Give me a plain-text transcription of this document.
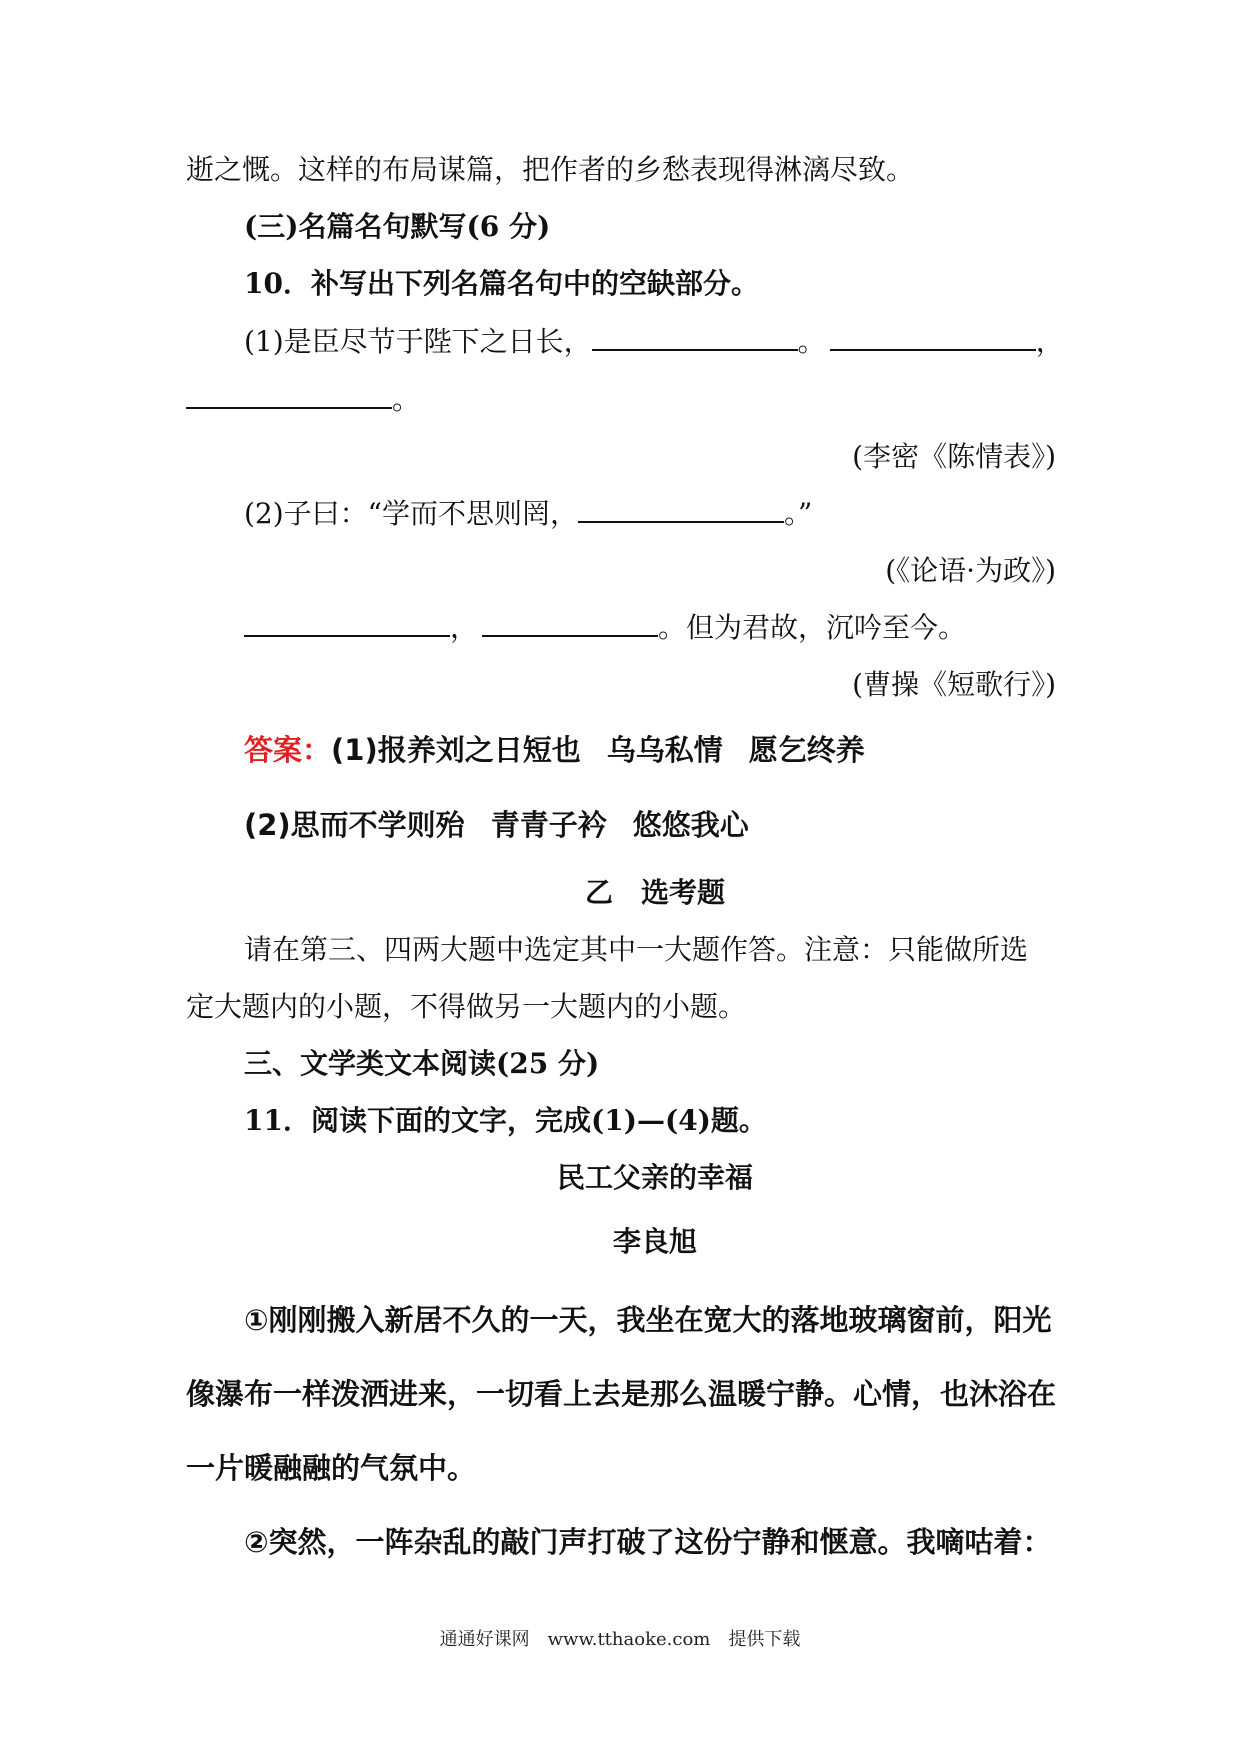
逝之慨。这样的布局谋篇，把作者的乡愁表现得淋漓尽致。
(三)名篇名句默写(6 分)
10．补写出下列名篇名句中的空缺部分。
(1)是臣尽节于陛下之日长，	。	，
。
(李密《陈情表》)
(2)子曰：“学而不思则罔，	。”
(《论语·为政》)
，	。但为君故，沉吟至今。
(曹操《短歌行》)
答案：(1)报养刘之日短也 乌乌私情 愿乞终养
(2)思而不学则殆 青青子衿 悠悠我心
乙　选考题
请在第三、四两大题中选定其中一大题作答。注意：只能做所选
定大题内的小题，不得做另一大题内的小题。
三、文学类文本阅读(25 分)
11．阅读下面的文字，完成(1)—(4)题。
民工父亲的幸福
李良旭
①刚刚搬入新居不久的一天，我坐在宽大的落地玻璃窗前，阳光
像瀑布一样泼洒进来，一切看上去是那么温暖宁静。心情，也沐浴在
一片暖融融的气氛中。
②突然，一阵杂乱的敲门声打破了这份宁静和惬意。我嘀咕着：
通通好课网　www.tthaoke.com　提供下载
